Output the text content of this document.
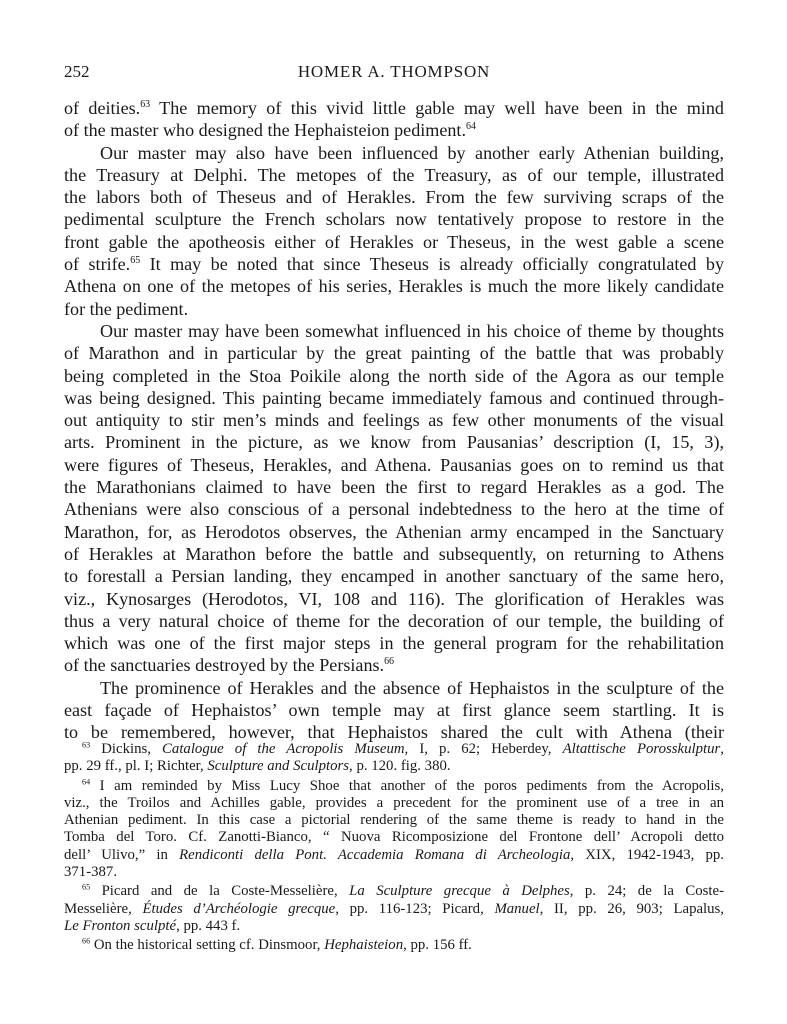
252	HOMER A. THOMPSON
of deities.$^{63}$ The memory of this vivid little gable may well have been in the mind
of the master who designed the Hephaisteion pediment.$^{64}$
Our master may also have been influenced by another early Athenian building,
the Treasury at Delphi. The metopes of the Treasury, as of our temple, illustrated
the labors both of Theseus and of Herakles. From the few surviving scraps of the
pedimental sculpture the French scholars now tentatively propose to restore in the
front gable the apotheosis either of Herakles or Theseus, in the west gable a scene
of strife.$^{65}$ It may be noted that since Theseus is already officially congratulated by
Athena on one of the metopes of his series, Herakles is much the more likely candidate
for the pediment.
Our master may have been somewhat influenced in his choice of theme by thoughts
of Marathon and in particular by the great painting of the battle that was probably
being completed in the Stoa Poikile along the north side of the Agora as our temple
was being designed. This painting became immediately famous and continued through-
out antiquity to stir men’s minds and feelings as few other monuments of the visual
arts. Prominent in the picture, as we know from Pausanias’ description (I, 15, 3),
were figures of Theseus, Herakles, and Athena. Pausanias goes on to remind us that
the Marathonians claimed to have been the first to regard Herakles as a god. The
Athenians were also conscious of a personal indebtedness to the hero at the time of
Marathon, for, as Herodotos observes, the Athenian army encamped in the Sanctuary
of Herakles at Marathon before the battle and subsequently, on returning to Athens
to forestall a Persian landing, they encamped in another sanctuary of the same hero,
viz., Kynosarges (Herodotos, VI, 108 and 116). The glorification of Herakles was
thus a very natural choice of theme for the decoration of our temple, the building of
which was one of the first major steps in the general program for the rehabilitation
of the sanctuaries destroyed by the Persians.$^{66}$
The prominence of Herakles and the absence of Hephaistos in the sculpture of the
east façade of Hephaistos’ own temple may at first glance seem startling. It is
to be remembered, however, that Hephaistos shared the cult with Athena (their
$^{63}$ Dickins, Catalogue of the Acropolis Museum, I, p. 62; Heberdey, Altattische Porosskulptur,
pp. 29 ff., pl. I; Richter, Sculpture and Sculptors, p. 120. fig. 380.
$^{64}$ I am reminded by Miss Lucy Shoe that another of the poros pediments from the Acropolis,
viz., the Troilos and Achilles gable, provides a precedent for the prominent use of a tree in an
Athenian pediment. In this case a pictorial rendering of the same theme is ready to hand in the
Tomba del Toro. Cf. Zanotti-Bianco, “ Nuova Ricomposizione del Frontone dell’ Acropoli detto
dell’ Ulivo,” in Rendiconti della Pont. Accademia Romana di Archeologia, XIX, 1942-1943, pp.
371-387.
$^{65}$ Picard and de la Coste-Messelière, La Sculpture grecque à Delphes, p. 24; de la Coste-
Messelière, Études d’Archéologie grecque, pp. 116-123; Picard, Manuel, II, pp. 26, 903; Lapalus,
Le Fronton sculpté, pp. 443 f.
$^{66}$ On the historical setting cf. Dinsmoor, Hephaisteion, pp. 156 ff.
